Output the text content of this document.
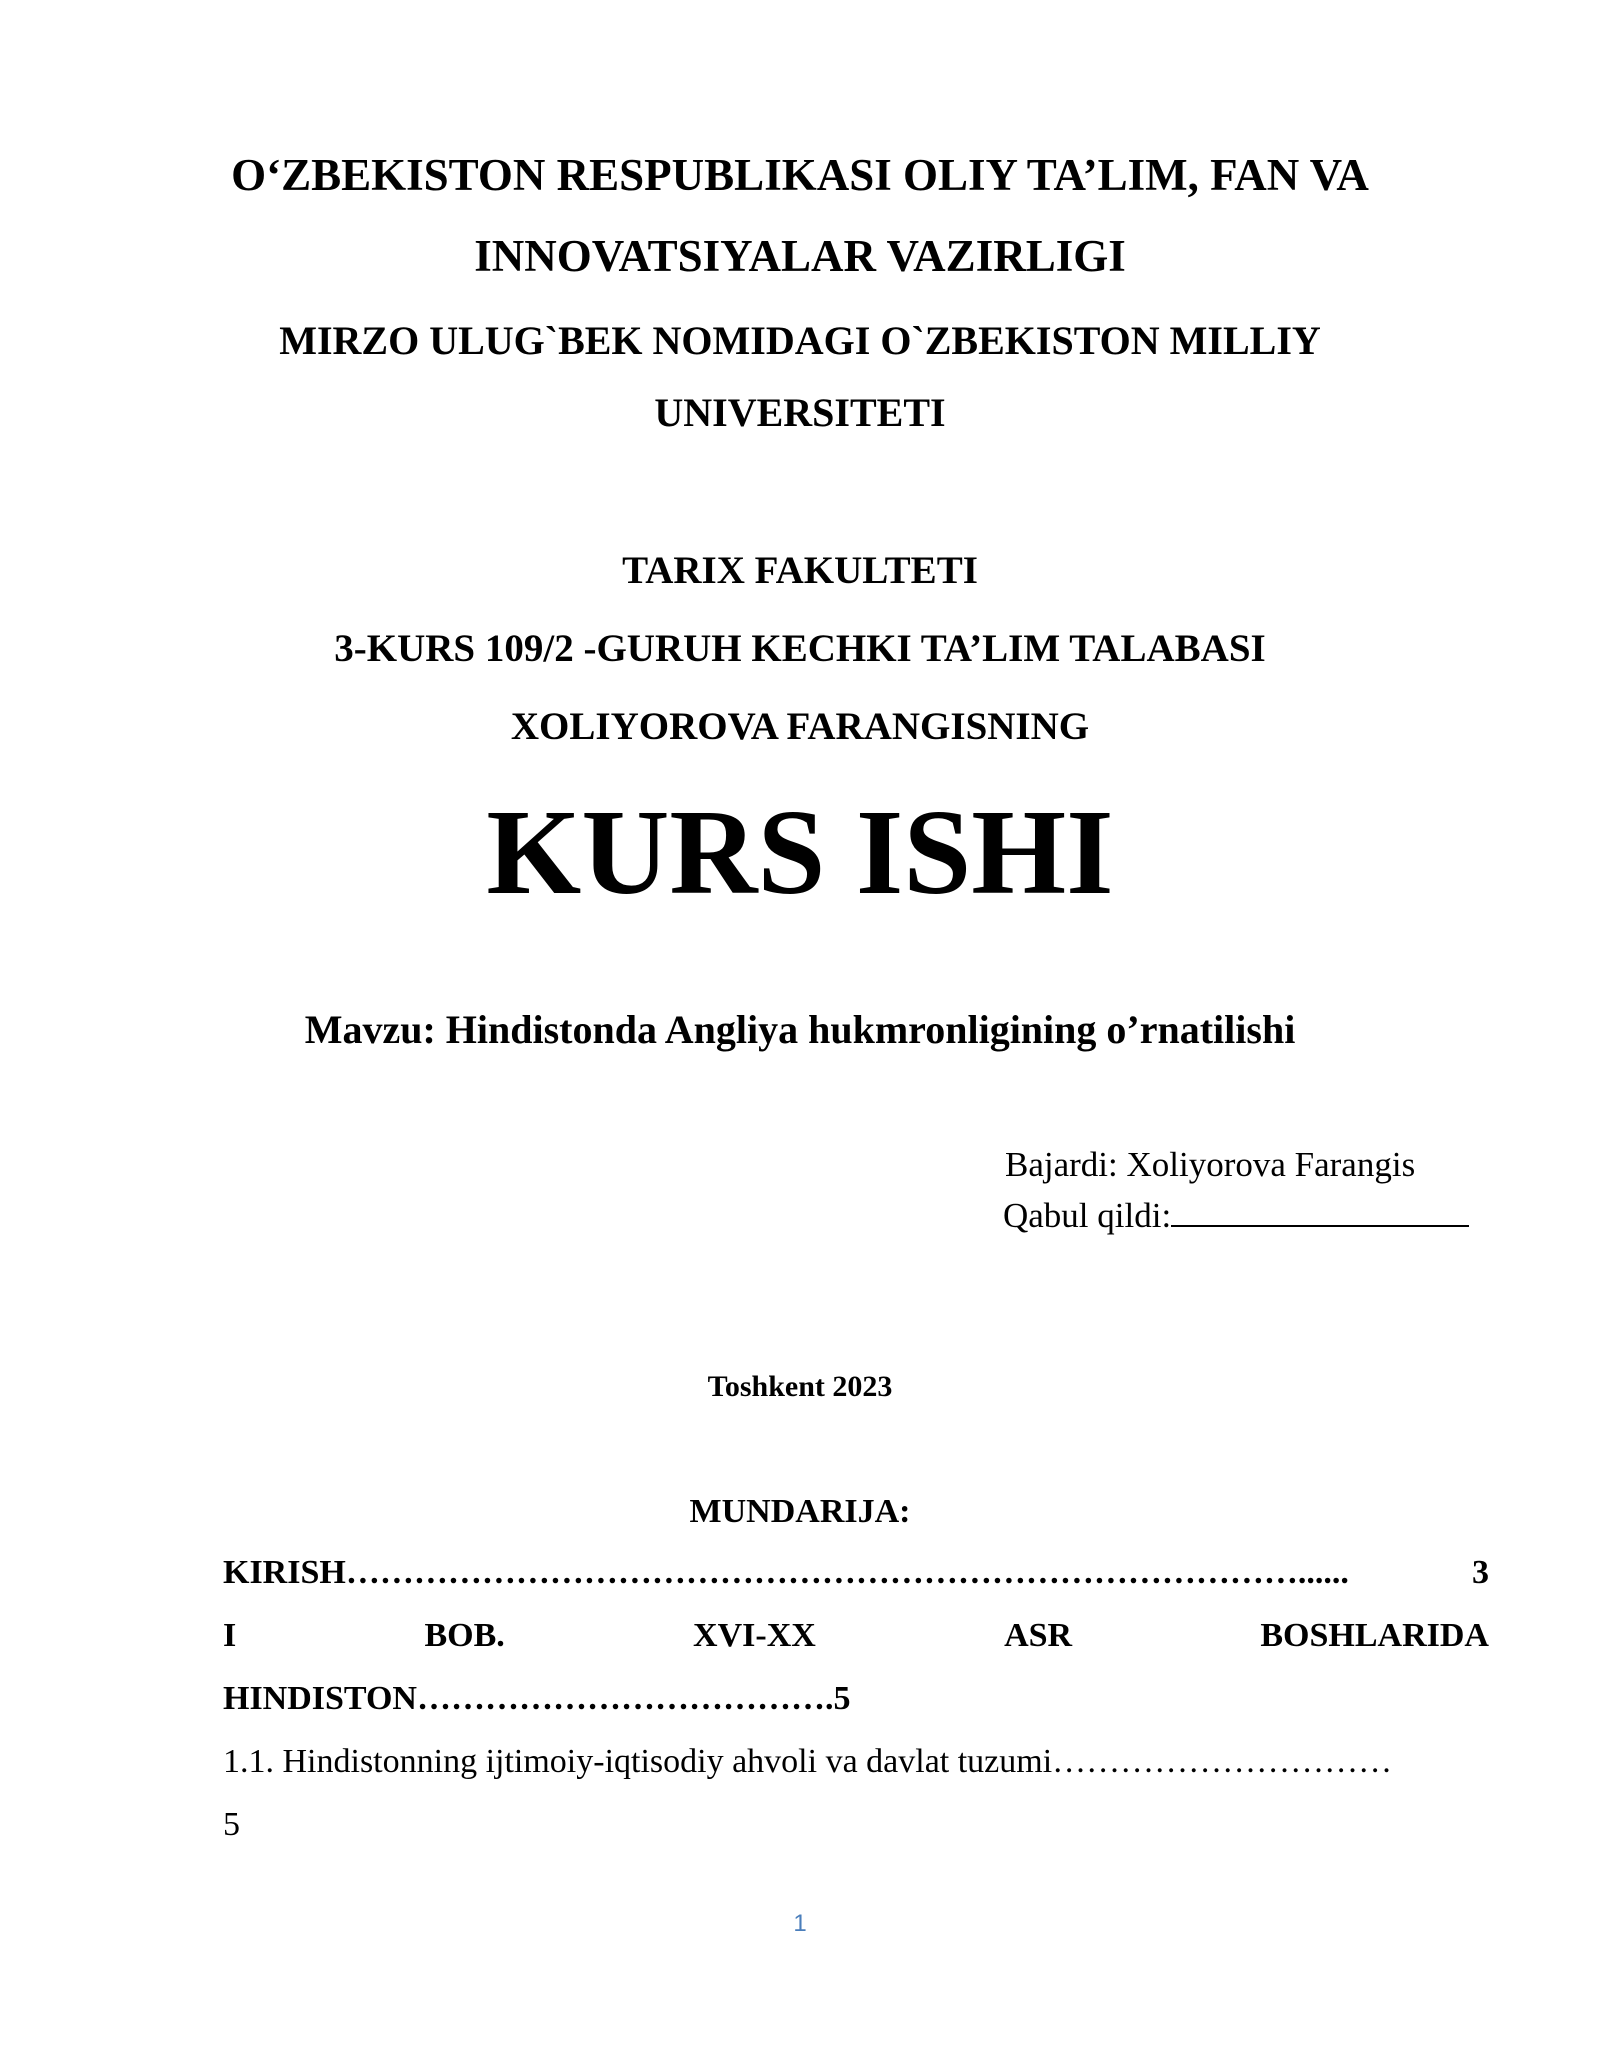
O‘ZBEKISTON RESPUBLIKASI OLIY TA’LIM, FAN VA
INNOVATSIYALAR VAZIRLIGI
MIRZO ULUG`BEK NOMIDAGI O`ZBEKISTON MILLIY
UNIVERSITETI
TARIX FAKULTETI
3-KURS 109/2 -GURUH KECHKI TA’LIM TALABASI
XOLIYOROVA FARANGISNING
KURS ISHI
Mavzu: Hindistonda Angliya hukmronligining o’rnatilishi
Bajardi: Xoliyorova Farangis
Qabul qildi:
Toshkent 2023
MUNDARIJA:
KIRISH …………………………………………………………………………......	3
I	BOB.	XVI-XX	ASR	BOSHLARIDA
HINDISTON……………………………….5
1.1. Hindistonning ijtimoiy-iqtisodiy ahvoli va davlat tuzumi…………………………
5
1
